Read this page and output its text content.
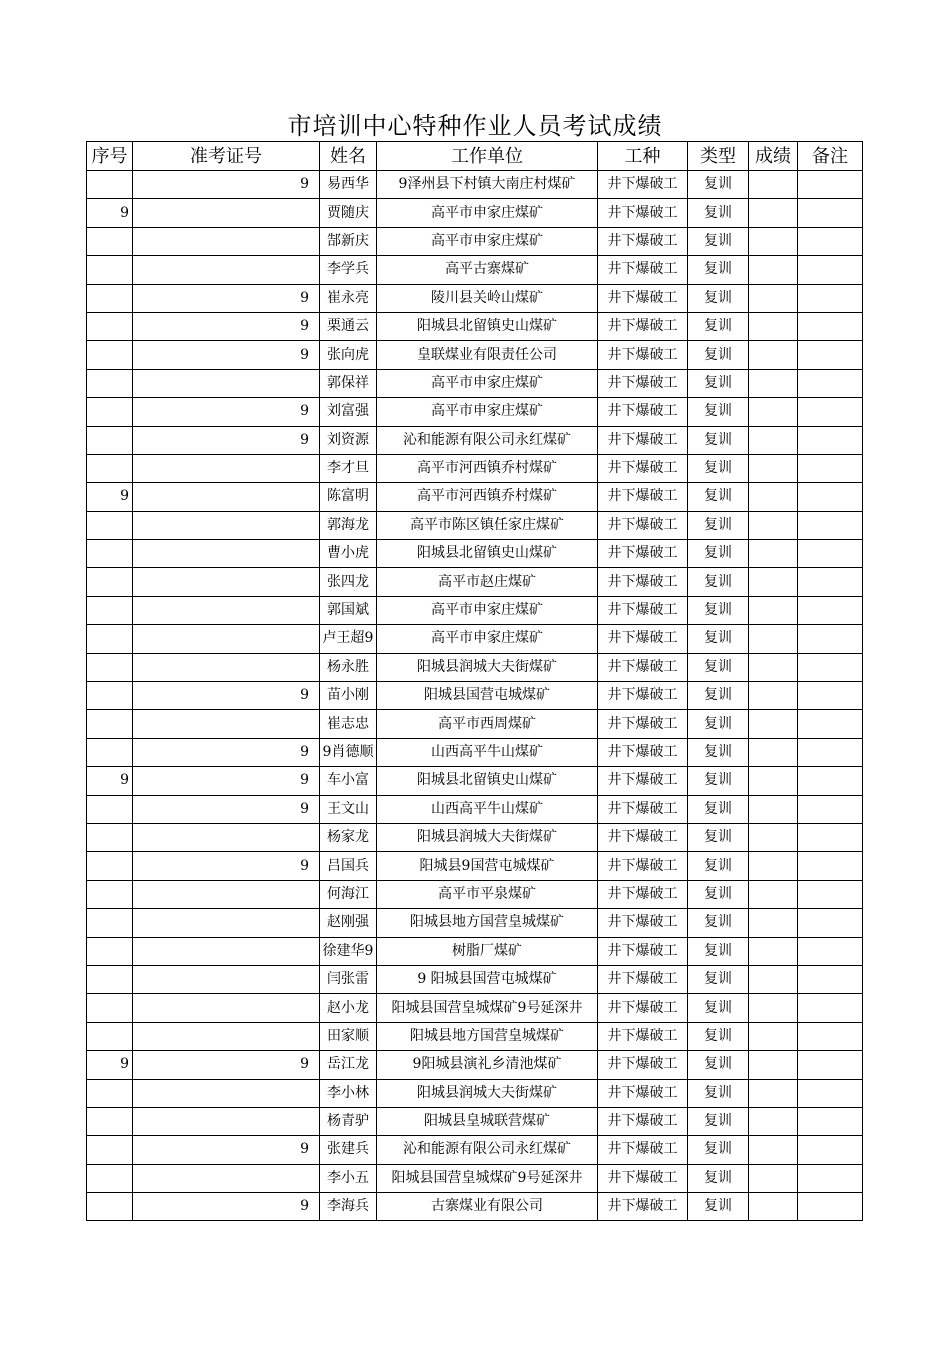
市培训中心特种作业人员考试成绩
序号	准考证号	姓名	工作单位	工种	类型	成绩	备注
	9	易西华	9泽州县下村镇大南庄村煤矿	井下爆破工	复训		
9		贾随庆	高平市申家庄煤矿	井下爆破工	复训		
		郜新庆	高平市申家庄煤矿	井下爆破工	复训		
		李学兵	高平古寨煤矿	井下爆破工	复训		
	9	崔永亮	陵川县关岭山煤矿	井下爆破工	复训		
	9	栗通云	阳城县北留镇史山煤矿	井下爆破工	复训		
	9	张向虎	皇联煤业有限责任公司	井下爆破工	复训		
		郭保祥	高平市申家庄煤矿	井下爆破工	复训		
	9	刘富强	高平市申家庄煤矿	井下爆破工	复训		
	9	刘资源	沁和能源有限公司永红煤矿	井下爆破工	复训		
		李才旦	高平市河西镇乔村煤矿	井下爆破工	复训		
9		陈富明	高平市河西镇乔村煤矿	井下爆破工	复训		
		郭海龙	高平市陈区镇任家庄煤矿	井下爆破工	复训		
		曹小虎	阳城县北留镇史山煤矿	井下爆破工	复训		
		张四龙	高平市赵庄煤矿	井下爆破工	复训		
		郭国斌	高平市申家庄煤矿	井下爆破工	复训		
		卢王超9	高平市申家庄煤矿	井下爆破工	复训		
		杨永胜	阳城县润城大夫街煤矿	井下爆破工	复训		
	9	苗小刚	阳城县国营屯城煤矿	井下爆破工	复训		
		崔志忠	高平市西周煤矿	井下爆破工	复训		
	9	9肖德顺	山西高平牛山煤矿	井下爆破工	复训		
9	9	车小富	阳城县北留镇史山煤矿	井下爆破工	复训		
	9	王文山	山西高平牛山煤矿	井下爆破工	复训		
		杨家龙	阳城县润城大夫街煤矿	井下爆破工	复训		
	9	吕国兵	阳城县9国营屯城煤矿	井下爆破工	复训		
		何海江	高平市平泉煤矿	井下爆破工	复训		
		赵刚强	阳城县地方国营皇城煤矿	井下爆破工	复训		
		徐建华9	树脂厂煤矿	井下爆破工	复训		
		闫张雷	9 阳城县国营屯城煤矿	井下爆破工	复训		
		赵小龙	阳城县国营皇城煤矿9号延深井	井下爆破工	复训		
		田家顺	阳城县地方国营皇城煤矿	井下爆破工	复训		
9	9	岳江龙	9阳城县演礼乡清池煤矿	井下爆破工	复训		
		李小林	阳城县润城大夫街煤矿	井下爆破工	复训		
		杨青驴	阳城县皇城联营煤矿	井下爆破工	复训		
	9	张建兵	沁和能源有限公司永红煤矿	井下爆破工	复训		
		李小五	阳城县国营皇城煤矿9号延深井	井下爆破工	复训		
	9	李海兵	古寨煤业有限公司	井下爆破工	复训		
